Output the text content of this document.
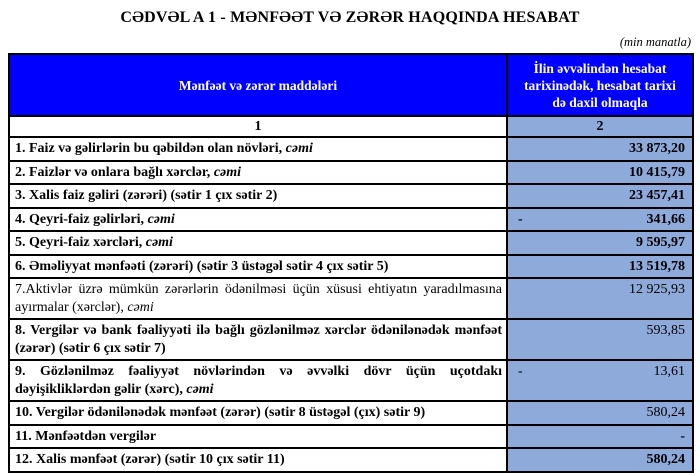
CƏDVƏL A 1 - MƏNFƏƏT VƏ ZƏRƏR HAQQINDA HESABAT
(min manatla)
Mənfəət və zərər maddələri	İlin əvvəlindən hesabat tarixinədək, hesabat tarixi də daxil olmaqla
1	2
1. Faiz və gəlirlərin bu qəbildən olan növləri, cəmi	33 873,20

2. Faizlər və onlara bağlı xərclər, cəmi	10 415,79

3. Xalis faiz gəliri (zərəri) (sətir 1 çıx sətir 2)	23 457,41

4. Qeyri-faiz gəlirləri, cəmi	- 341,66

5. Qeyri-faiz xərcləri, cəmi	9 595,97

6. Əməliyyat mənfəəti (zərəri) (sətir 3 üstəgəl sətir 4 çıx sətir 5)	13 519,78

7.Aktivlər üzrə mümkün zərərlərin ödənilməsi üçün xüsusi ehtiyatın yaradılmasına ayırmalar (xərclər), cəmi	12 925,93

8. Vergilər və bank fəaliyyəti ilə bağlı gözlənilməz xərclər ödənilənədək mənfəət (zərər) (sətir 6 çıx sətir 7)	593,85

9. Gözlənilməz fəaliyyət növlərindən və əvvəlki dövr üçün uçotdakı dəyişikliklərdən gəlir (xərc), cəmi	- 13,61

10. Vergilər ödənilənədək mənfəət (zərər) (sətir 8 üstəgəl (çıx) sətir 9)	580,24

11. Mənfəətdən vergilər	-

12. Xalis mənfəət (zərər) (sətir 10 çıx sətir 11)	580,24
